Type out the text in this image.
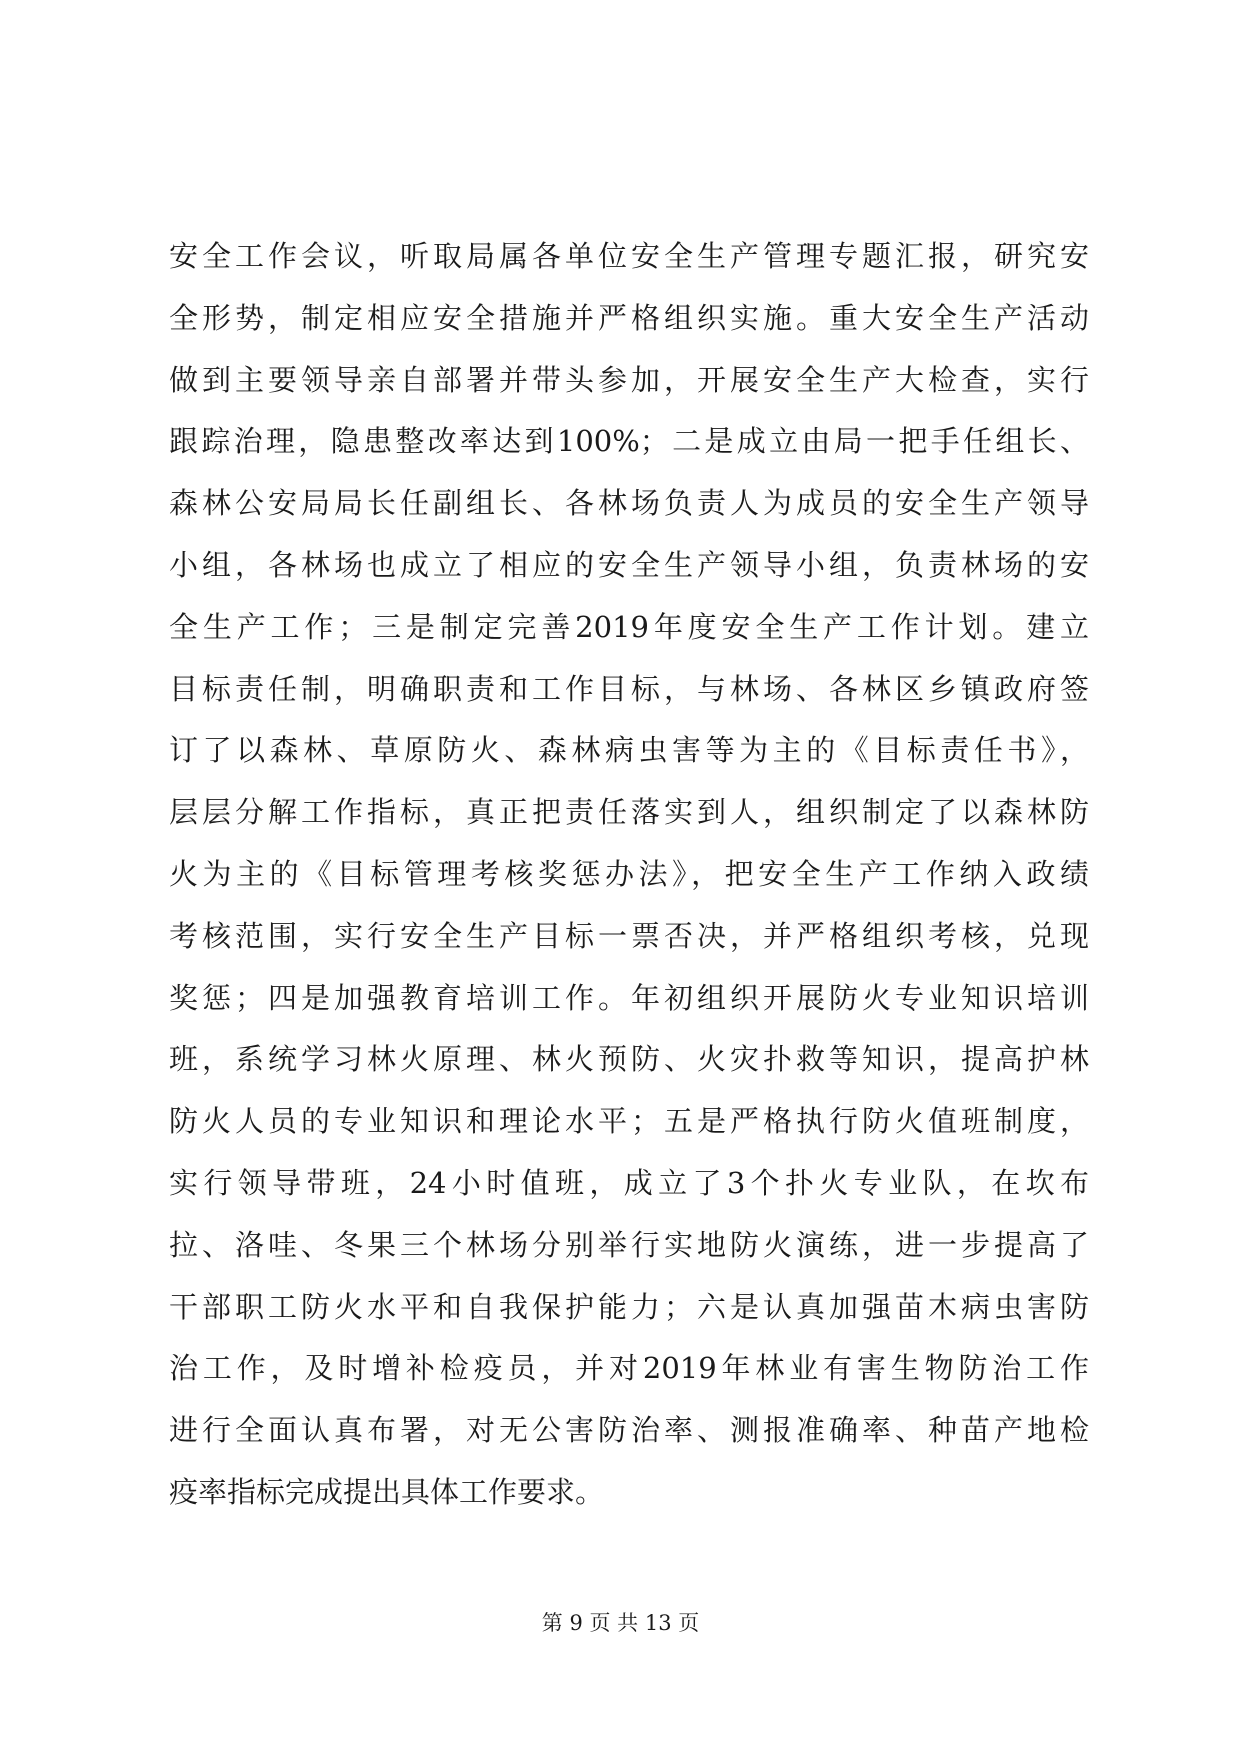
安全工作会议，听取局属各单位安全生产管理专题汇报，研究安
全形势，制定相应安全措施并严格组织实施。重大安全生产活动
做到主要领导亲自部署并带头参加，开展安全生产大检查，实行
跟踪治理，隐患整改率达到100%；二是成立由局一把手任组长、
森林公安局局长任副组长、各林场负责人为成员的安全生产领导
小组，各林场也成立了相应的安全生产领导小组，负责林场的安
全生产工作；三是制定完善2019年度安全生产工作计划。建立
目标责任制，明确职责和工作目标，与林场、各林区乡镇政府签
订了以森林、草原防火、森林病虫害等为主的《目标责任书》，
层层分解工作指标，真正把责任落实到人，组织制定了以森林防
火为主的《目标管理考核奖惩办法》，把安全生产工作纳入政绩
考核范围，实行安全生产目标一票否决，并严格组织考核，兑现
奖惩；四是加强教育培训工作。年初组织开展防火专业知识培训
班，系统学习林火原理、林火预防、火灾扑救等知识，提高护林
防火人员的专业知识和理论水平；五是严格执行防火值班制度，
实行领导带班，24小时值班，成立了3个扑火专业队，在坎布
拉、洛哇、冬果三个林场分别举行实地防火演练，进一步提高了
干部职工防火水平和自我保护能力；六是认真加强苗木病虫害防
治工作，及时增补检疫员，并对2019年林业有害生物防治工作
进行全面认真布署，对无公害防治率、测报准确率、种苗产地检
疫率指标完成提出具体工作要求。
第 9 页 共 13 页
